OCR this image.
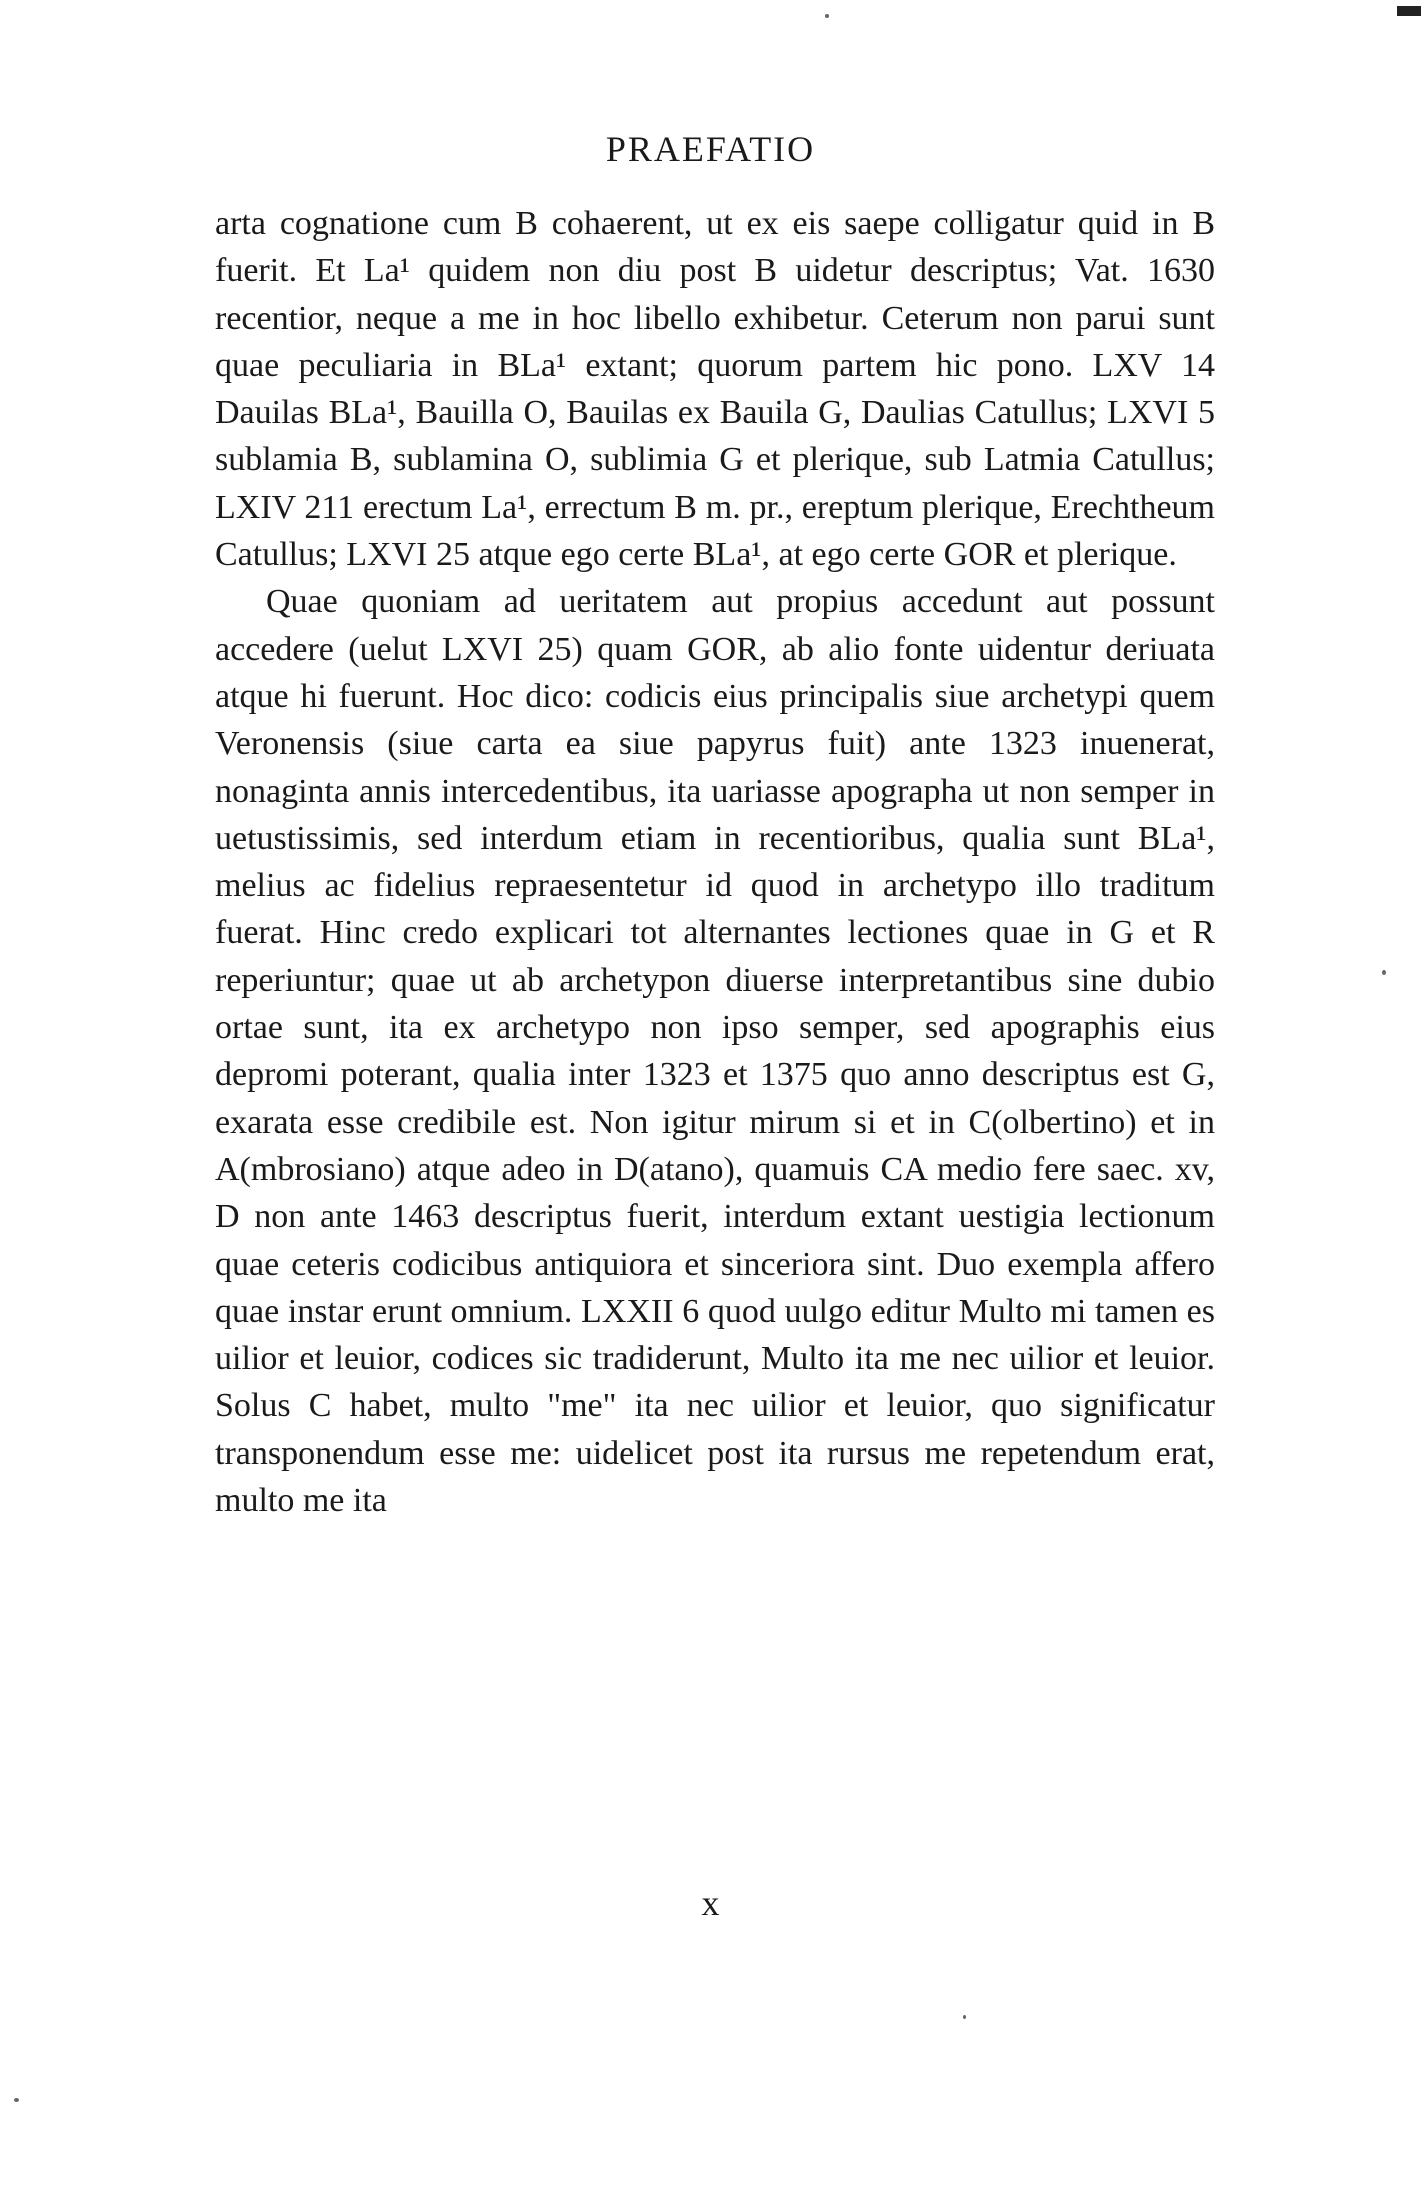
PRAEFATIO

arta cognatione cum B cohaerent, ut ex eis saepe colligatur quid in B fuerit. Et La¹ quidem non diu post B uidetur descriptus; Vat. 1630 recentior, neque a me in hoc libello exhibetur. Ceterum non parui sunt quae peculiaria in BLa¹ extant; quorum partem hic pono. LXV 14 Dauilas BLa¹, Bauilla O, Bauilas ex Bauila G, Daulias Catullus; LXVI 5 sublamia B, sublamina O, sublimia G et plerique, sub Latmia Catullus; LXIV 211 erectum La¹, errectum B m. pr., ereptum plerique, Erechtheum Catullus; LXVI 25 atque ego certe BLa¹, at ego certe GOR et plerique.

Quae quoniam ad ueritatem aut propius accedunt aut possunt accedere (uelut LXVI 25) quam GOR, ab alio fonte uidentur deriuata atque hi fuerunt. Hoc dico: codicis eius principalis siue archetypi quem Veronensis (siue carta ea siue papyrus fuit) ante 1323 inuenerat, nonaginta annis intercedentibus, ita uariasse apographa ut non semper in uetustissimis, sed interdum etiam in recentioribus, qualia sunt BLa¹, melius ac fidelius repraesentetur id quod in archetypo illo traditum fuerat. Hinc credo explicari tot alternantes lectiones quae in G et R reperiuntur; quae ut ab archetypon diuerse interpretantibus sine dubio ortae sunt, ita ex archetypo non ipso semper, sed apographis eius depromi poterant, qualia inter 1323 et 1375 quo anno descriptus est G, exarata esse credibile est. Non igitur mirum si et in C(olbertino) et in A(mbrosiano) atque adeo in D(atano), quamuis CA medio fere saec. xv, D non ante 1463 descriptus fuerit, interdum extant uestigia lectionum quae ceteris codicibus antiquiora et sinceriora sint. Duo exempla affero quae instar erunt omnium. LXXII 6 quod uulgo editur Multo mi tamen es uilior et leuior, codices sic tradiderunt, Multo ita me nec uilior et leuior. Solus C habet, multo "me" ita nec uilior et leuior, quo significatur transponendum esse me: uidelicet post ita rursus me repetendum erat, multo me ita

x
